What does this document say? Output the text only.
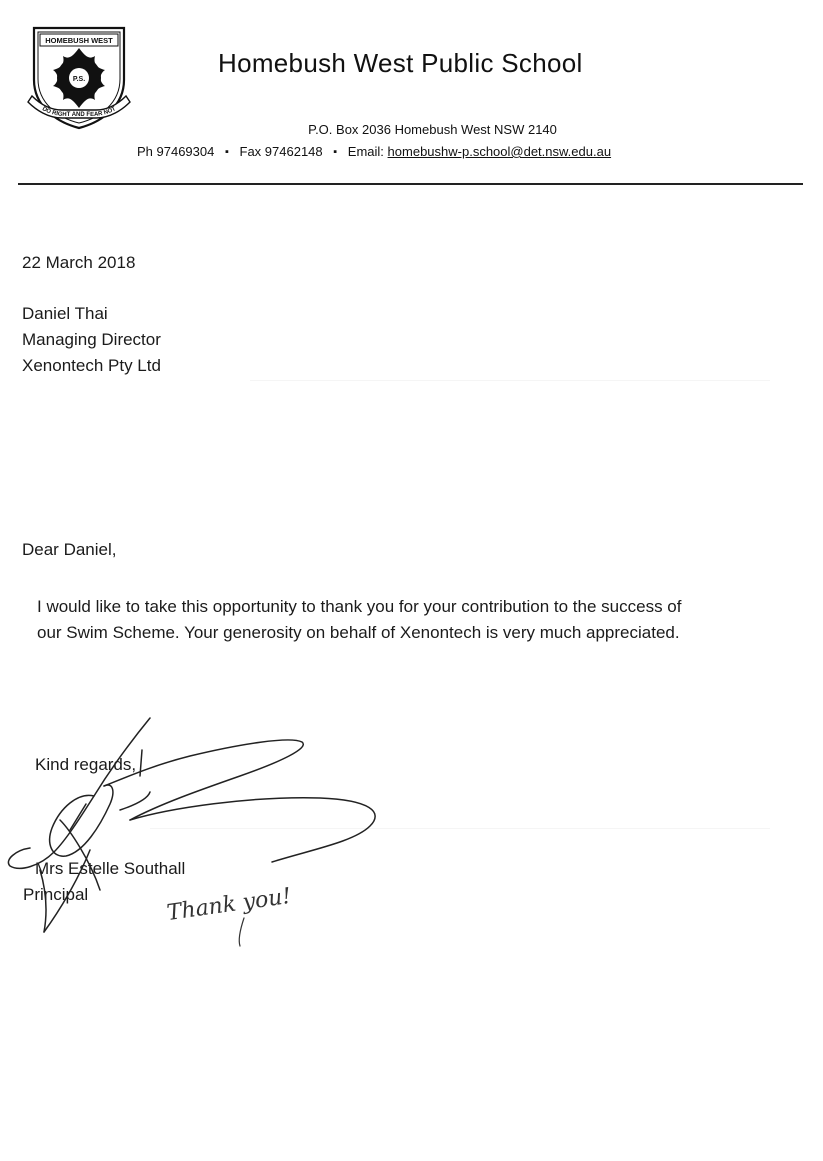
HOMEBUSH WEST
P.S.
DO RIGHT AND FEAR NOT
Homebush West Public School
P.O. Box 2036 Homebush West NSW 2140
Ph 97469304 ▪ Fax 97462148 ▪ Email: homebushw-p.school@det.nsw.edu.au
22 March 2018
Daniel Thai
Managing Director
Xenontech Pty Ltd
Dear Daniel,
I would like to take this opportunity to thank you for your contribution to the success of
our Swim Scheme. Your generosity on behalf of Xenontech is very much appreciated.
Kind regards,
Mrs Estelle Southall
Principal	Thank you!
